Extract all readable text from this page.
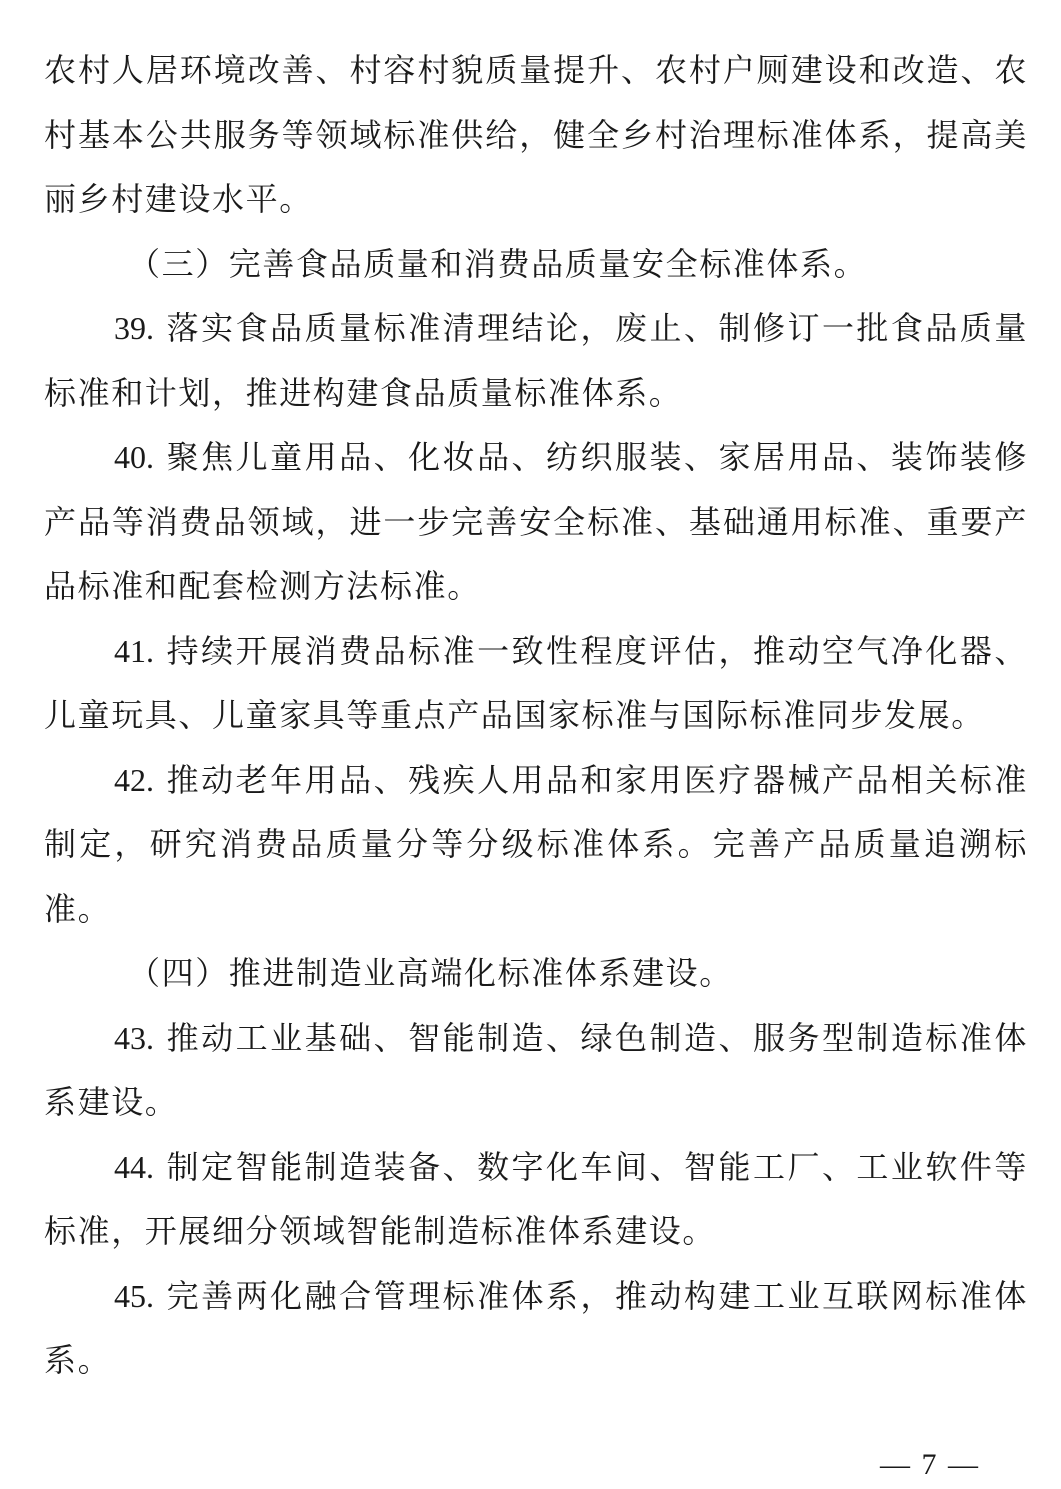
农村人居环境改善、村容村貌质量提升、农村户厕建设和改造、农村基本公共服务等领域标准供给，健全乡村治理标准体系，提高美丽乡村建设水平。

（三）完善食品质量和消费品质量安全标准体系。

39. 落实食品质量标准清理结论，废止、制修订一批食品质量标准和计划，推进构建食品质量标准体系。

40. 聚焦儿童用品、化妆品、纺织服装、家居用品、装饰装修产品等消费品领域，进一步完善安全标准、基础通用标准、重要产品标准和配套检测方法标准。

41. 持续开展消费品标准一致性程度评估，推动空气净化器、儿童玩具、儿童家具等重点产品国家标准与国际标准同步发展。

42. 推动老年用品、残疾人用品和家用医疗器械产品相关标准制定，研究消费品质量分等分级标准体系。完善产品质量追溯标准。

（四）推进制造业高端化标准体系建设。

43. 推动工业基础、智能制造、绿色制造、服务型制造标准体系建设。

44. 制定智能制造装备、数字化车间、智能工厂、工业软件等标准，开展细分领域智能制造标准体系建设。

45. 完善两化融合管理标准体系，推动构建工业互联网标准体系。

— 7 —
